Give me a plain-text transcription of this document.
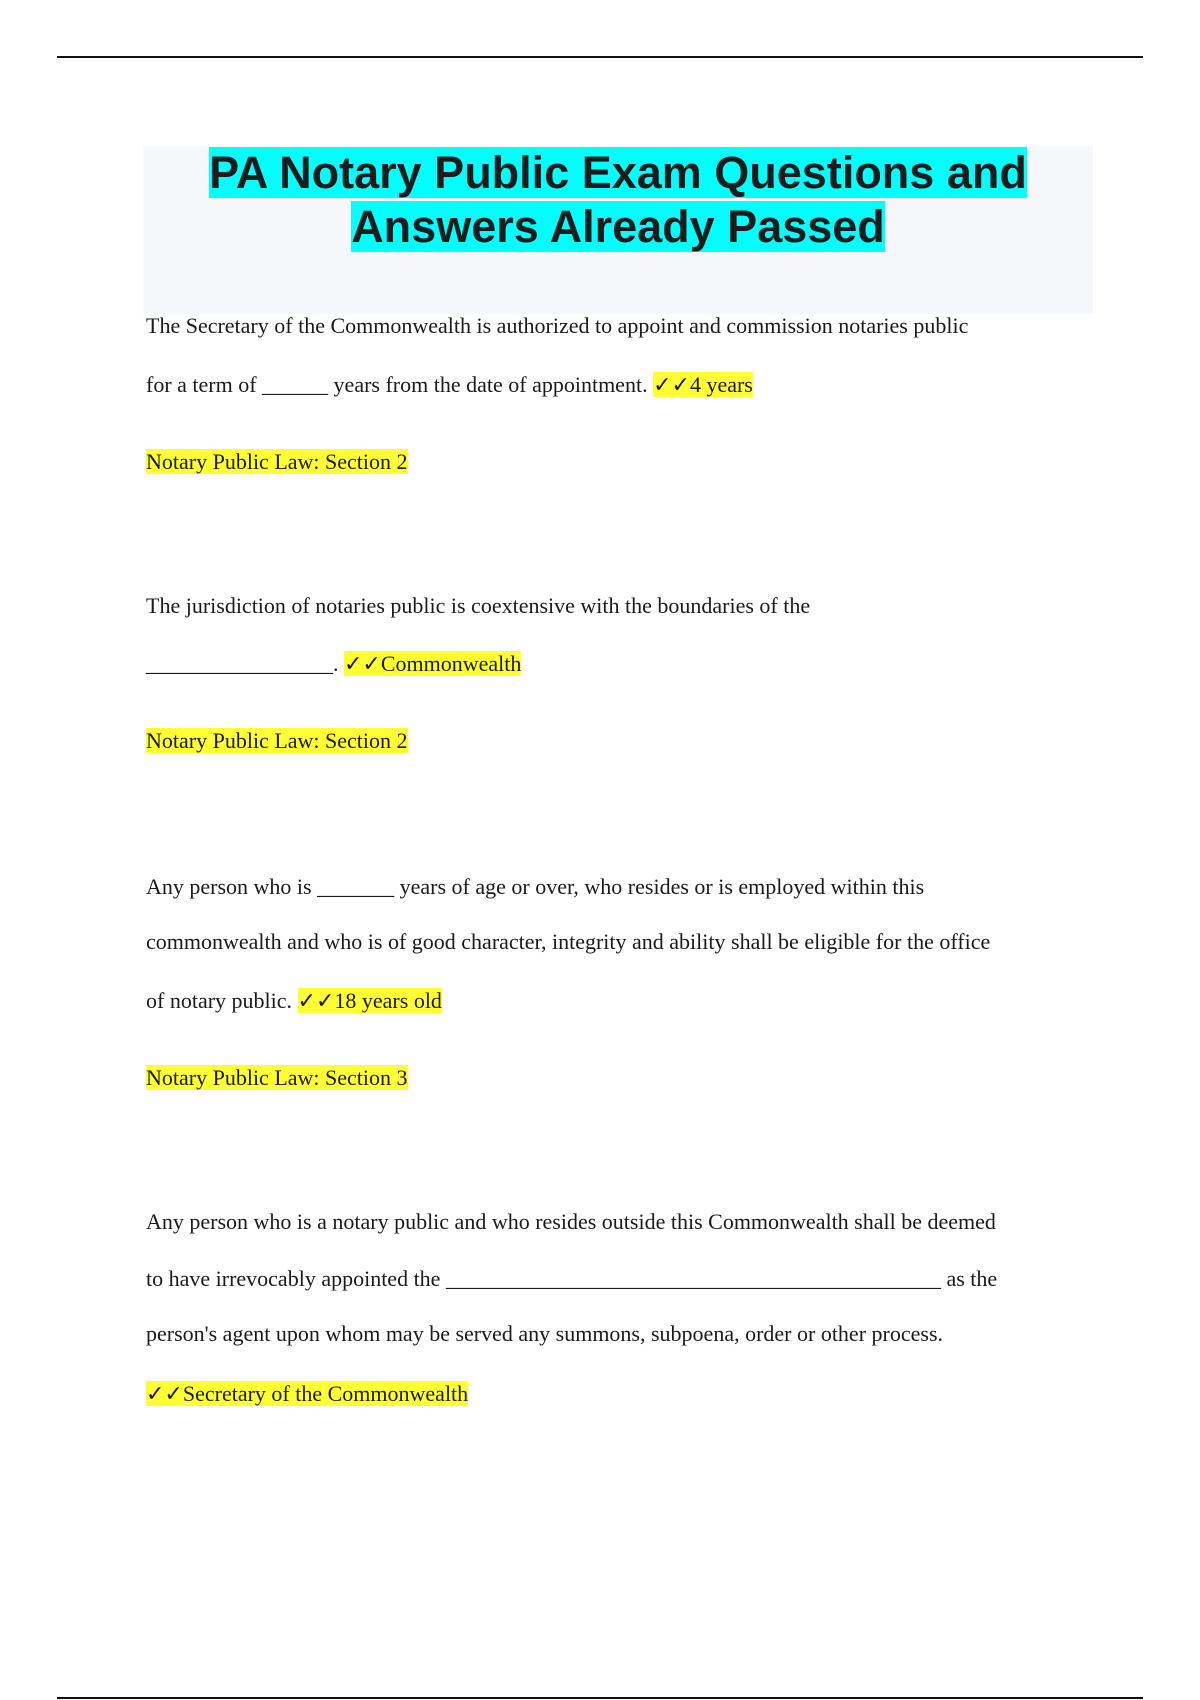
PA Notary Public Exam Questions and
Answers Already Passed

The Secretary of the Commonwealth is authorized to appoint and commission notaries public

for a term of ______ years from the date of appointment. ✓✓4 years

Notary Public Law: Section 2

The jurisdiction of notaries public is coextensive with the boundaries of the

_________________. ✓✓Commonwealth

Notary Public Law: Section 2

Any person who is _______ years of age or over, who resides or is employed within this

commonwealth and who is of good character, integrity and ability shall be eligible for the office

of notary public. ✓✓18 years old

Notary Public Law: Section 3

Any person who is a notary public and who resides outside this Commonwealth shall be deemed

to have irrevocably appointed the _____________________________________________ as the

person's agent upon whom may be served any summons, subpoena, order or other process.

✓✓Secretary of the Commonwealth
